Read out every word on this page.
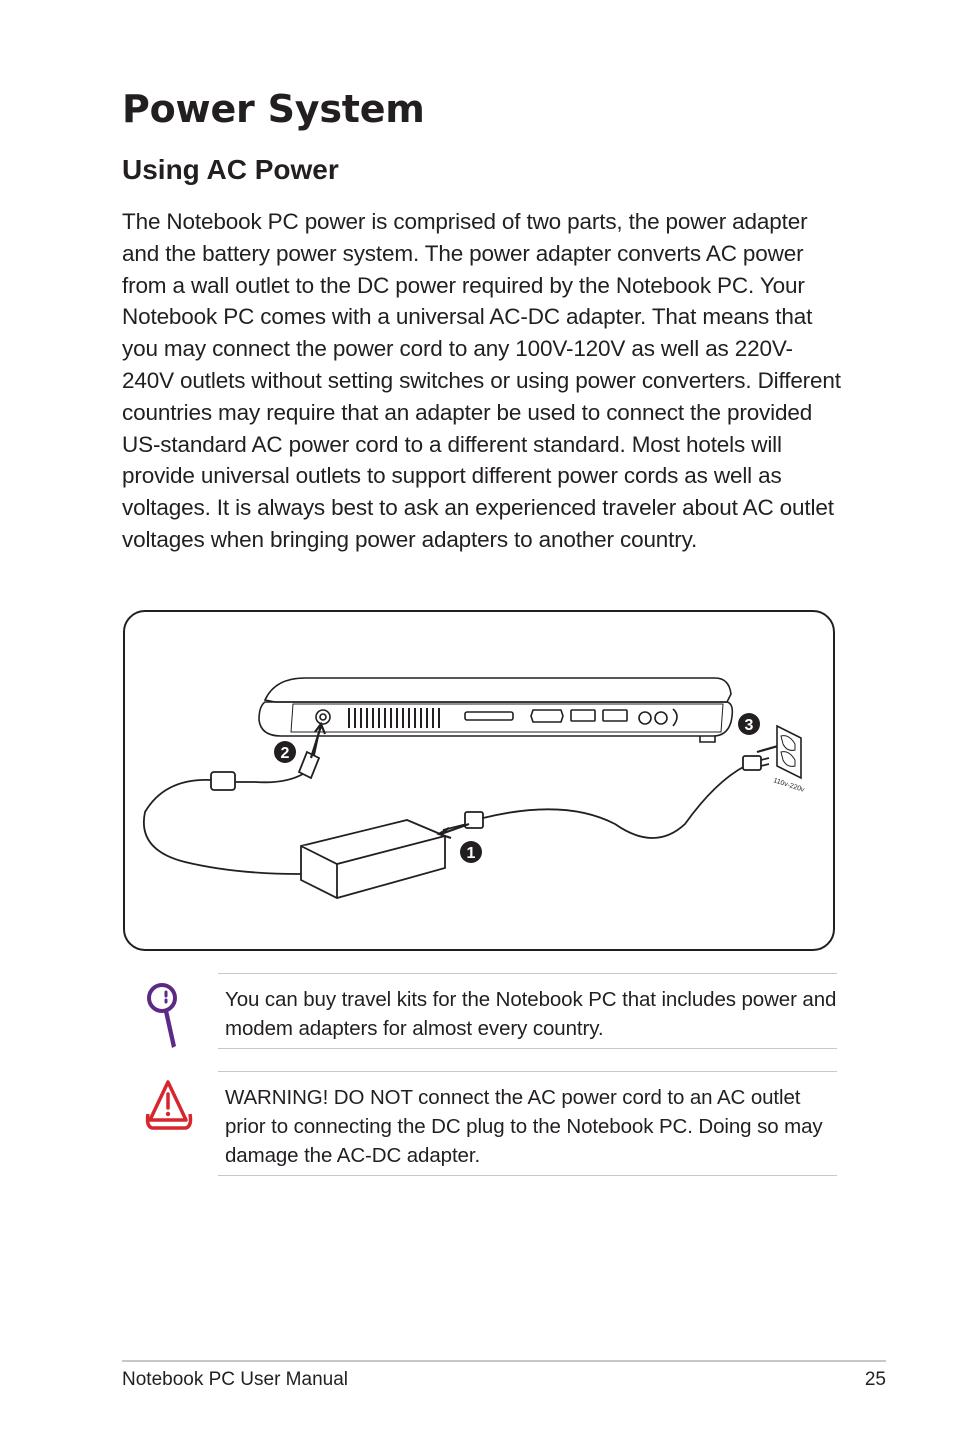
Power System
Using AC Power

The Notebook PC power is comprised of two parts, the power adapter and the battery power system. The power adapter converts AC power from a wall outlet to the DC power required by the Notebook PC. Your Notebook PC comes with a universal AC-DC adapter. That means that you may connect the power cord to any 100V-120V as well as 220V-240V outlets without setting switches or using power converters. Different countries may require that an adapter be used to connect the provided US-standard AC power cord to a different standard. Most hotels will provide universal outlets to support different power cords as well as voltages. It is always best to ask an experienced traveler about AC outlet voltages when bringing power adapters to another country.

1
2
3
110v-220v

You can buy travel kits for the Notebook PC that includes power and modem adapters for almost every country.

WARNING! DO NOT connect the AC power cord to an AC outlet prior to connecting the DC plug to the Notebook PC. Doing so may damage the AC-DC adapter.

Notebook PC User Manual	25
